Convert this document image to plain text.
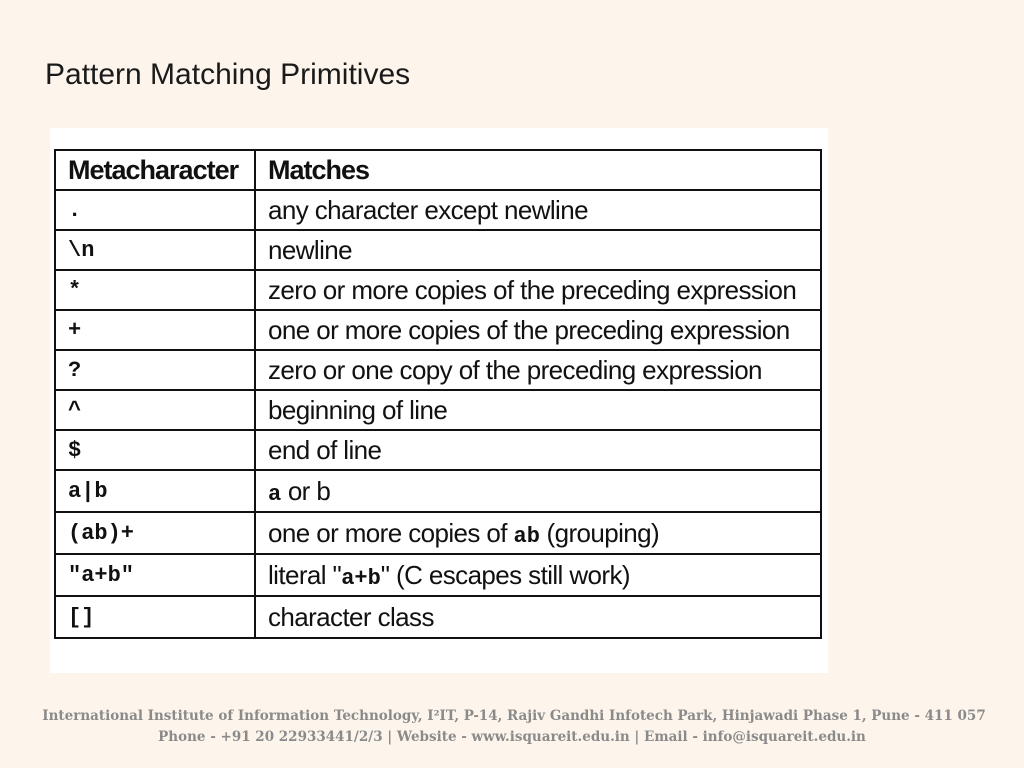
Pattern Matching Primitives
Metacharacter	Matches
.	any character except newline
\n	newline
*	zero or more copies of the preceding expression
+	one or more copies of the preceding expression
?	zero or one copy of the preceding expression
^	beginning of line
$	end of line
a|b	a or b
(ab)+	one or more copies of ab (grouping)
"a+b"	literal "a+b" (C escapes still work)
[]	character class
International Institute of Information Technology, I²IT, P-14, Rajiv Gandhi Infotech Park, Hinjawadi Phase 1, Pune - 411 057
Phone - +91 20 22933441/2/3 | Website - www.isquareit.edu.in | Email - info@isquareit.edu.in
